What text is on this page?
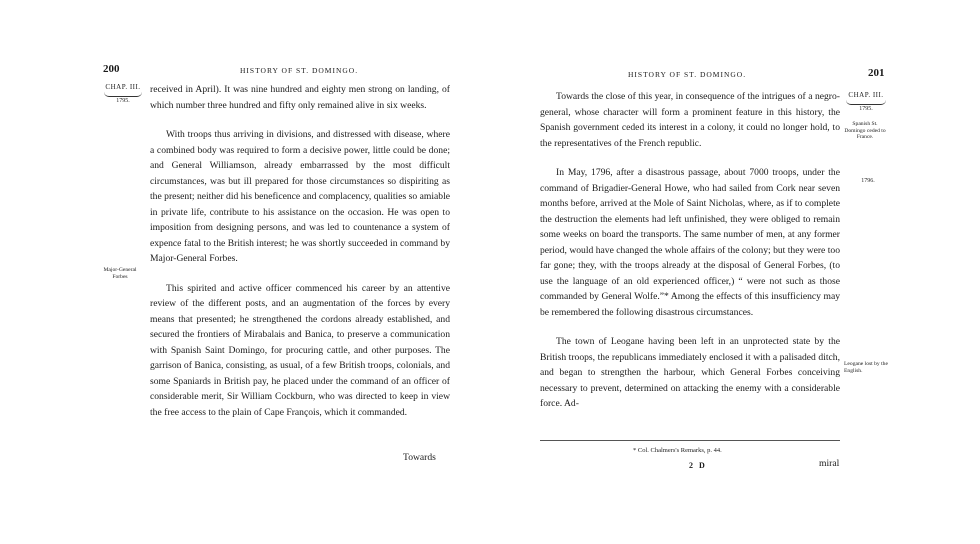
200	HISTORY OF ST. DOMINGO.
CHAP. III.
1795.
Major-General Forbes

received in April). It was nine hundred and eighty men strong on landing, of which number three hundred and fifty only remained alive in six weeks.

With troops thus arriving in divisions, and distressed with disease, where a combined body was required to form a decisive power, little could be done; and General Williamson, already embarrassed by the most difficult circumstances, was but ill prepared for those circumstances so dispiriting as the present; neither did his beneficence and complacency, qualities so amiable in private life, contribute to his assistance on the occasion. He was open to imposition from designing persons, and was led to countenance a system of expence fatal to the British interest; he was shortly succeeded in command by Major-General Forbes.

This spirited and active officer commenced his career by an attentive review of the different posts, and an augmentation of the forces by every means that presented; he strengthened the cordons already established, and secured the frontiers of Mirabalais and Banica, to preserve a communication with Spanish Saint Domingo, for procuring cattle, and other purposes. The garrison of Banica, consisting, as usual, of a few British troops, colonials, and some Spaniards in British pay, he placed under the command of an officer of considerable merit, Sir William Cockburn, who was directed to keep in view the free access to the plain of Cape François, which it commanded.

Towards
HISTORY OF ST. DOMINGO.	201
CHAP. III.
1795.
Spanish St. Domingo ceded to France.
1796.
Leogane lost by the English.

Towards the close of this year, in consequence of the intrigues of a negro-general, whose character will form a prominent feature in this history, the Spanish government ceded its interest in a colony, it could no longer hold, to the representatives of the French republic.

In May, 1796, after a disastrous passage, about 7000 troops, under the command of Brigadier-General Howe, who had sailed from Cork near seven months before, arrived at the Mole of Saint Nicholas, where, as if to complete the destruction the elements had left unfinished, they were obliged to remain some weeks on board the transports. The same number of men, at any former period, would have changed the whole affairs of the colony; but they were too far gone; they, with the troops already at the disposal of General Forbes, (to use the language of an old experienced officer,) “ were not such as those commanded by General Wolfe.”* Among the effects of this insufficiency may be remembered the following disastrous circumstances.

The town of Leogane having been left in an unprotected state by the British troops, the republicans immediately enclosed it with a palisaded ditch, and began to strengthen the harbour, which General Forbes conceiving necessary to prevent, determined on attacking the enemy with a considerable force. Ad-

* Col. Chalmers's Remarks, p. 44.
2 D	miral
